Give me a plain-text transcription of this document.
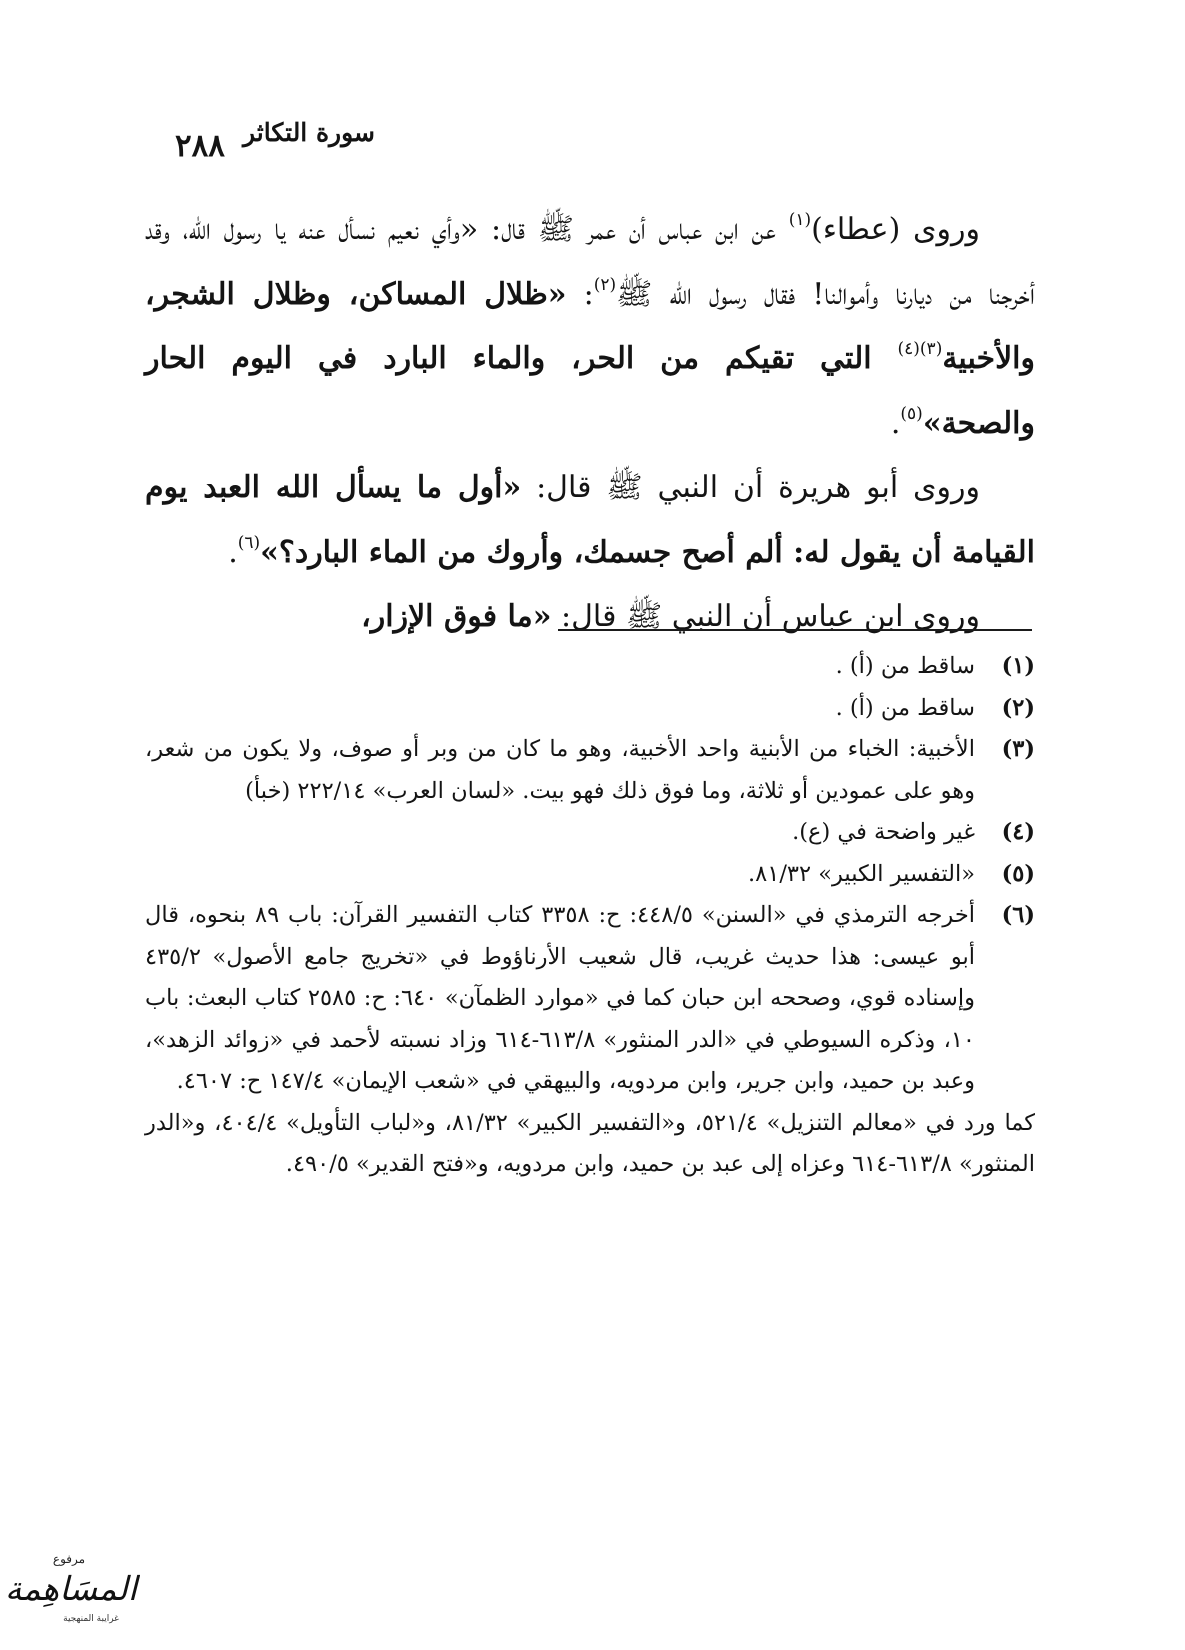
٢٨٨ سورة التكاثر

وروى (عطاء)$^{(١)}$ عن ابن عباس أن عمر ﷺ قال: «وأي نعيم نسأل عنه يا رسول الله، وقد أخرجنا من ديارنا وأموالنا! فقال رسول الله ﷺ$^{(٢)}$: «ظلال المساكن، وظلال الشجر، والأخبية$^{(٣)(٤)}$ التي تقيكم من الحر، والماء البارد في اليوم الحار والصحة»$^{(٥)}$.

وروى أبو هريرة أن النبي ﷺ قال: «أول ما يسأل الله العبد يوم القيامة أن يقول له: ألم أصح جسمك، وأروك من الماء البارد؟»$^{(٦)}$.

وروى ابن عباس أن النبي ﷺ قال: «ما فوق الإزار،

(١)
ساقط من (أ) .

(٢)
ساقط من (أ) .

(٣)
الأخبية: الخباء من الأبنية واحد الأخبية، وهو ما كان من وبر أو صوف، ولا يكون من شعر، وهو على عمودين أو ثلاثة، وما فوق ذلك فهو بيت. «لسان العرب» ٢٢٢/١٤ (خبأ)

(٤)
غير واضحة في (ع).

(٥)
«التفسير الكبير» ٨١/٣٢.

(٦)
أخرجه الترمذي في «السنن» ٤٤٨/٥: ح: ٣٣٥٨ كتاب التفسير القرآن: باب ٨٩ بنحوه، قال أبو عيسى: هذا حديث غريب، قال شعيب الأرناؤوط في «تخريج جامع الأصول» ٤٣٥/٢ وإسناده قوي، وصححه ابن حبان كما في «موارد الظمآن» ٦٤٠: ح: ٢٥٨٥ كتاب البعث: باب ١٠، وذكره السيوطي في «الدر المنثور» ٦١٣/٨-٦١٤ وزاد نسبته لأحمد في «زوائد الزهد»، وعبد بن حميد، وابن جرير، وابن مردويه، والبيهقي في «شعب الإيمان» ١٤٧/٤ ح: ٤٦٠٧.

كما ورد في «معالم التنزيل» ٥٢١/٤، و«التفسير الكبير» ٨١/٣٢، و«لباب التأويل» ٤٠٤/٤، و«الدر المنثور» ٦١٣/٨-٦١٤ وعزاه إلى عبد بن حميد، وابن مردويه، و«فتح القدير» ٤٩٠/٥.

مرفوع
المسَاهِمة
غرايبة المنهجية
